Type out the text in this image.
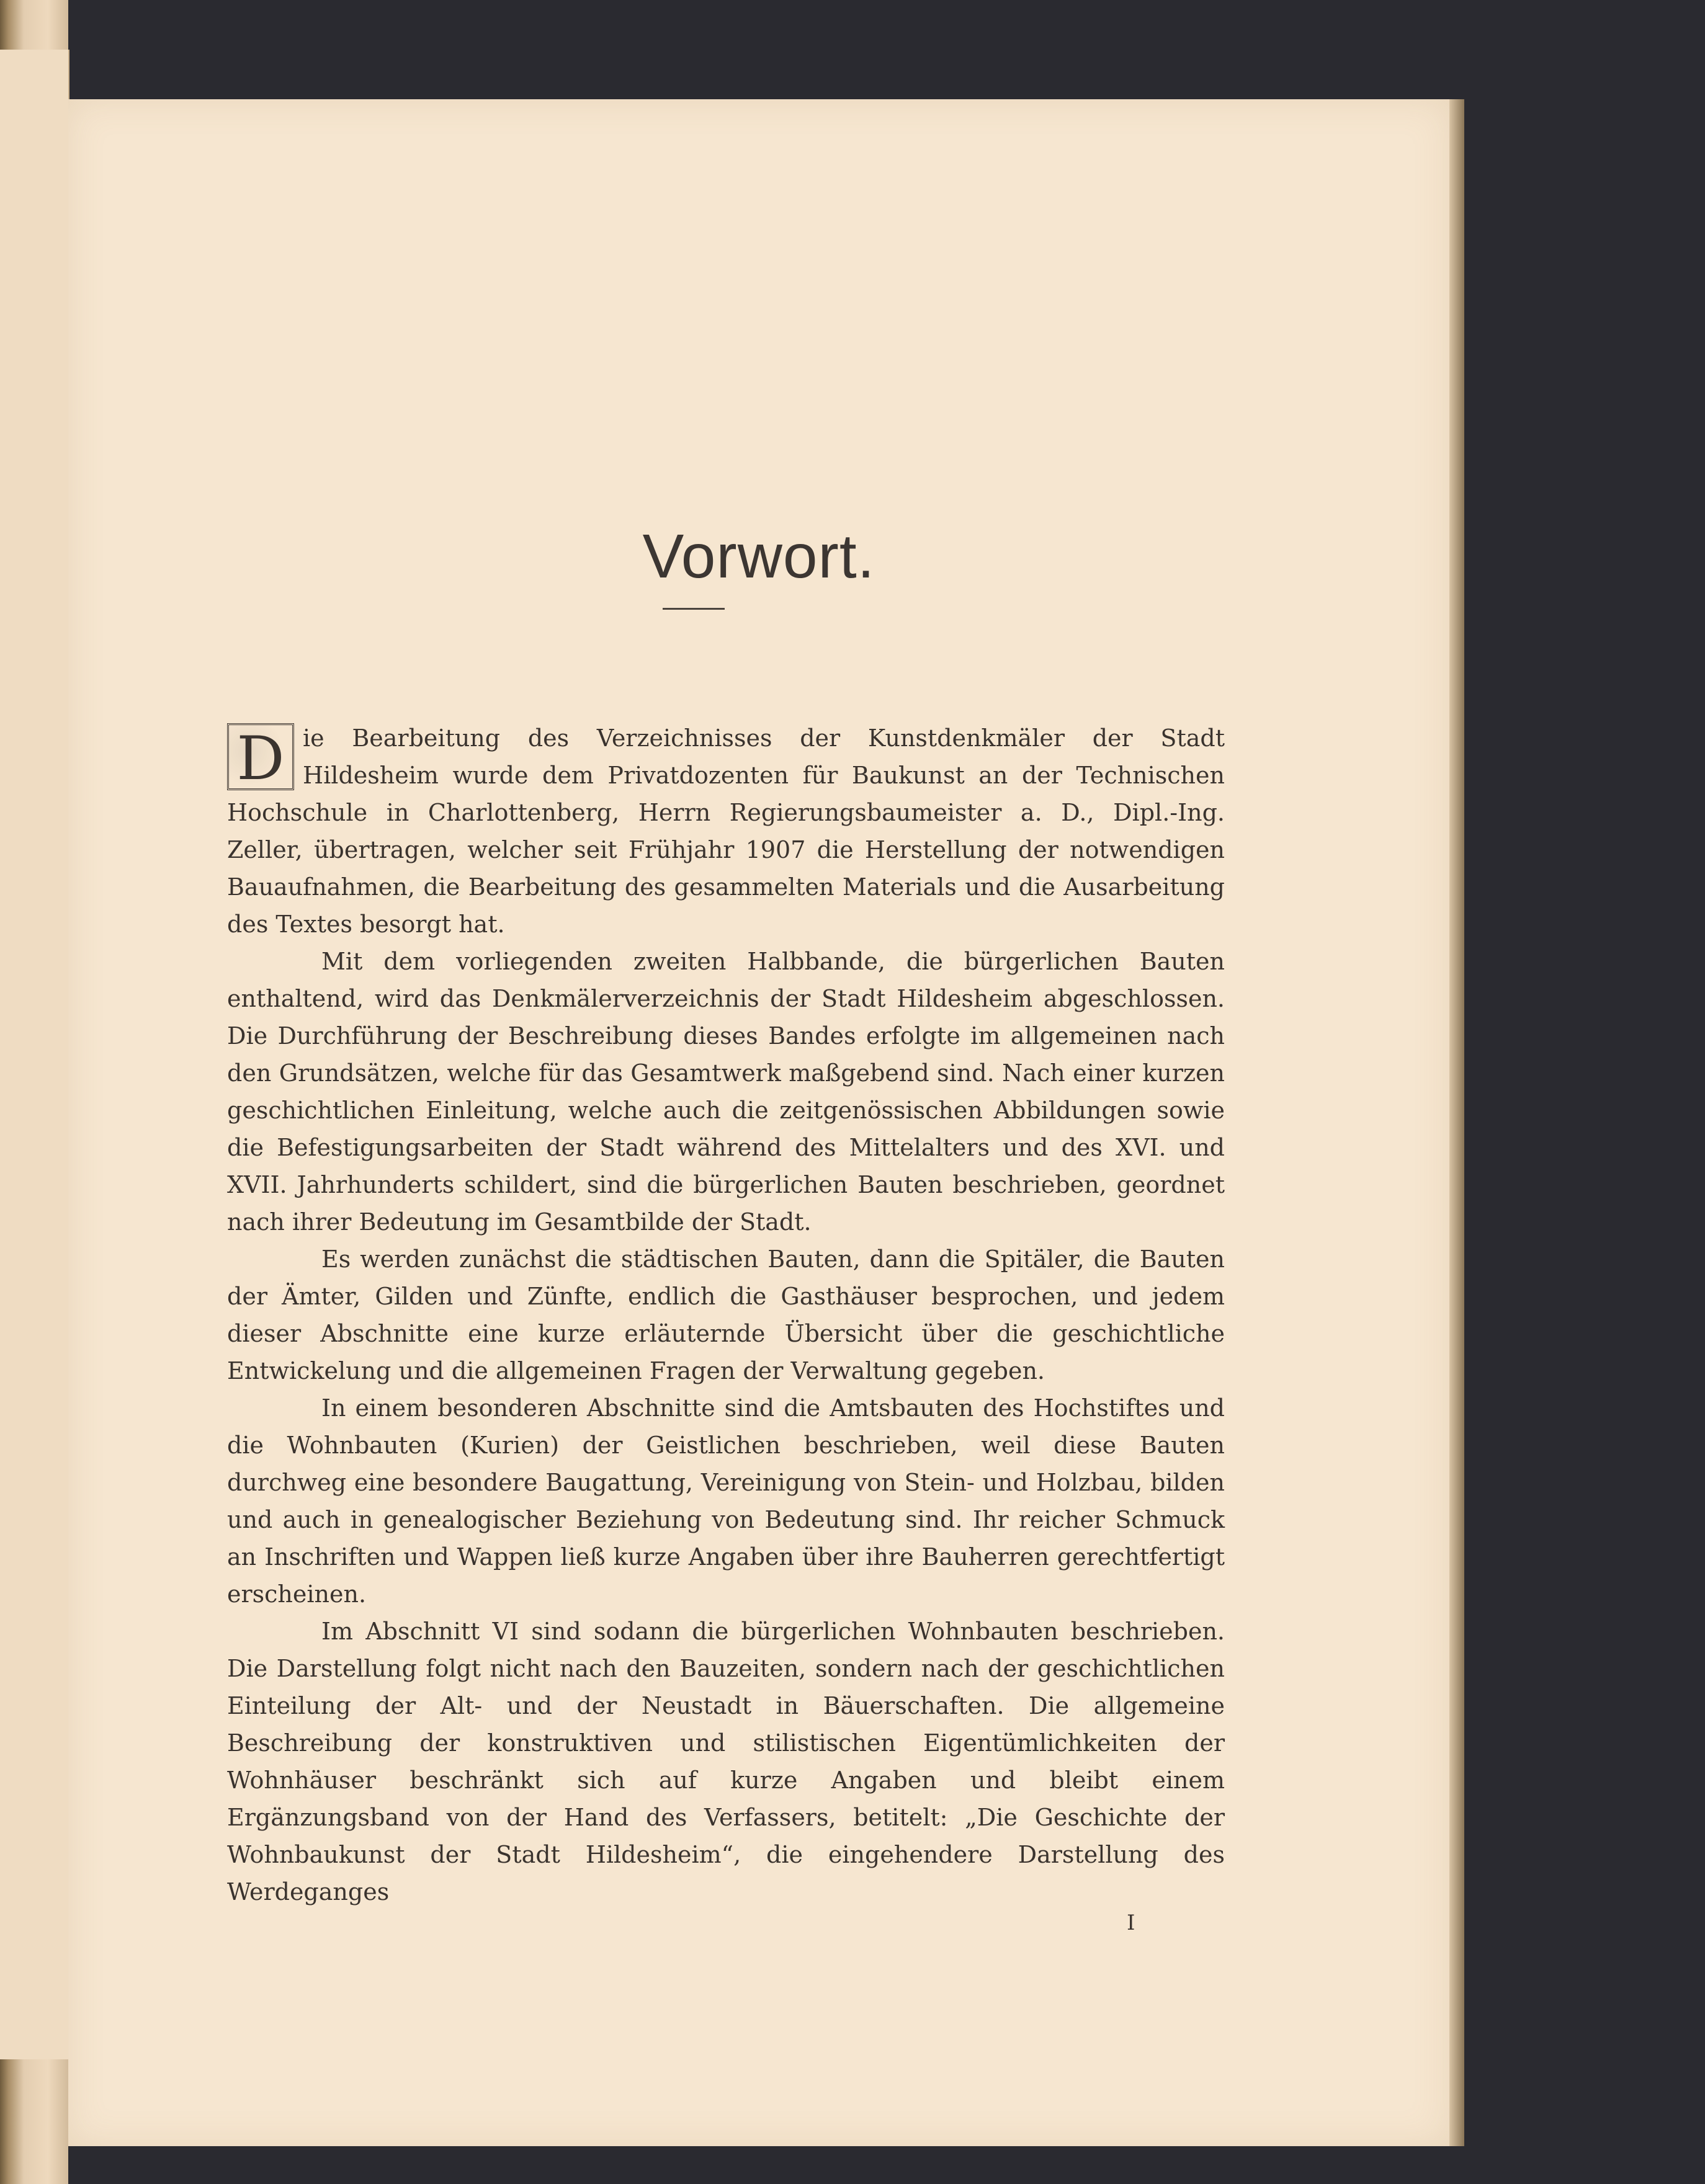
Vorwort.

D ie Bearbeitung des Verzeichnisses der Kunstdenkmäler der Stadt Hildesheim wurde dem Privatdozenten für Baukunst an der Technischen Hochschule in Charlottenberg, Herrn Regierungsbaumeister a. D., Dipl.-Ing. Zeller, übertragen, welcher seit Frühjahr 1907 die Herstellung der notwendigen Bauaufnahmen, die Bearbeitung des gesammelten Materials und die Ausarbeitung des Textes besorgt hat.

Mit dem vorliegenden zweiten Halbbande, die bürgerlichen Bauten enthaltend, wird das Denkmälerverzeichnis der Stadt Hildesheim abgeschlossen. Die Durchführung der Beschreibung dieses Bandes erfolgte im allgemeinen nach den Grundsätzen, welche für das Gesamtwerk maßgebend sind. Nach einer kurzen geschichtlichen Einleitung, welche auch die zeitgenössischen Abbildungen sowie die Befestigungsarbeiten der Stadt während des Mittelalters und des XVI. und XVII. Jahrhunderts schildert, sind die bürgerlichen Bauten beschrieben, geordnet nach ihrer Bedeutung im Gesamtbilde der Stadt.

Es werden zunächst die städtischen Bauten, dann die Spitäler, die Bauten der Ämter, Gilden und Zünfte, endlich die Gasthäuser besprochen, und jedem dieser Abschnitte eine kurze erläuternde Übersicht über die geschichtliche Entwickelung und die allgemeinen Fragen der Verwaltung gegeben.

In einem besonderen Abschnitte sind die Amtsbauten des Hochstiftes und die Wohnbauten (Kurien) der Geistlichen beschrieben, weil diese Bauten durchweg eine besondere Baugattung, Vereinigung von Stein- und Holzbau, bilden und auch in genealogischer Beziehung von Bedeutung sind. Ihr reicher Schmuck an Inschriften und Wappen ließ kurze Angaben über ihre Bauherren gerechtfertigt erscheinen.

Im Abschnitt VI sind sodann die bürgerlichen Wohnbauten beschrieben. Die Darstellung folgt nicht nach den Bauzeiten, sondern nach der geschichtlichen Einteilung der Alt- und der Neustadt in Bäuerschaften. Die allgemeine Beschreibung der konstruktiven und stilistischen Eigentümlichkeiten der Wohnhäuser beschränkt sich auf kurze Angaben und bleibt einem Ergänzungsband von der Hand des Verfassers, betitelt: „Die Geschichte der Wohnbaukunst der Stadt Hildesheim“, die eingehendere Darstellung des Werdeganges

I
